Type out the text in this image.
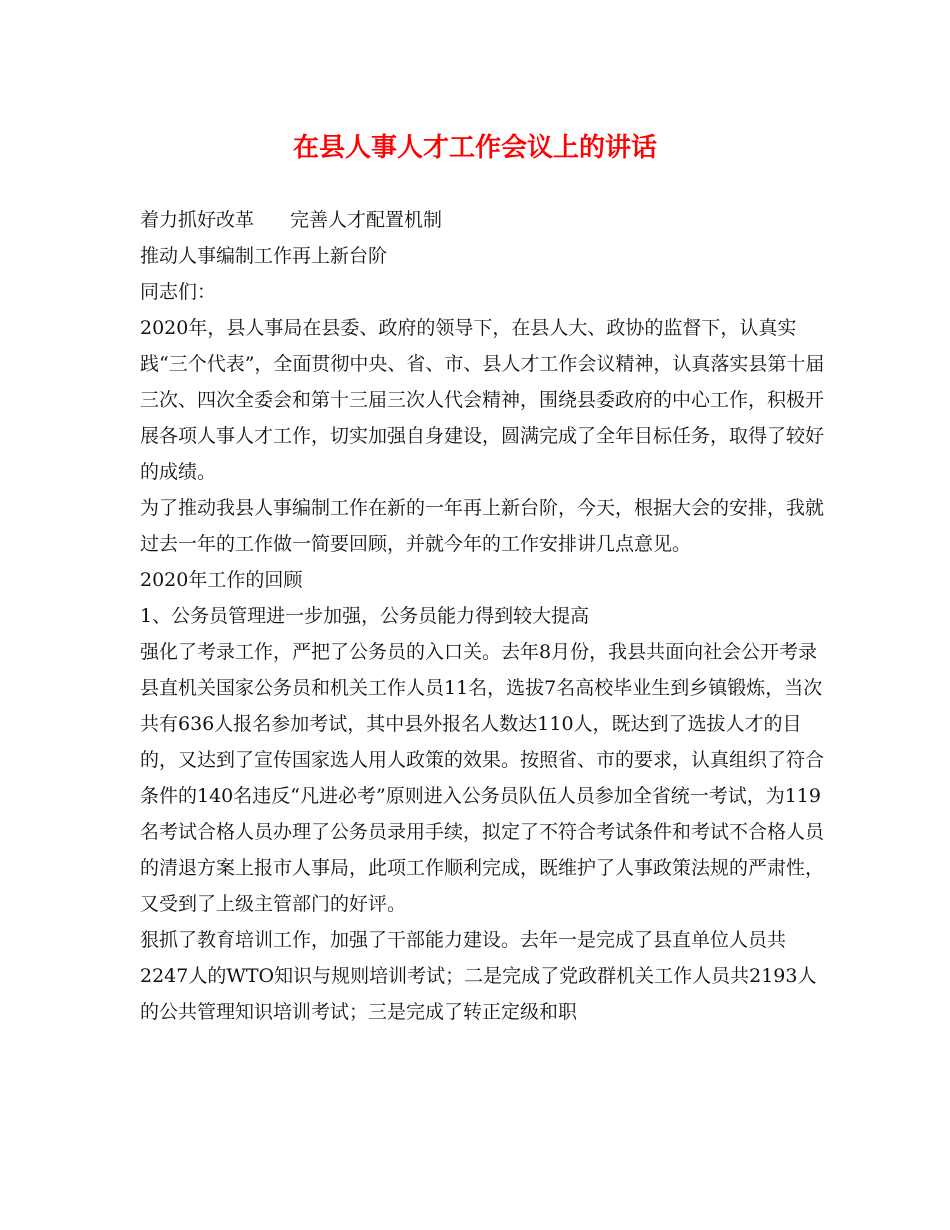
在县人事人才工作会议上的讲话

着力抓好改革 完善人才配置机制

推动人事编制工作再上新台阶

同志们：

2020年，县人事局在县委、政府的领导下，在县人大、政协的监督下，认真实践“三个代表”，全面贯彻中央、省、市、县人才工作会议精神，认真落实县第十届三次、四次全委会和第十三届三次人代会精神，围绕县委政府的中心工作，积极开展各项人事人才工作，切实加强自身建设，圆满完成了全年目标任务，取得了较好的成绩。

为了推动我县人事编制工作在新的一年再上新台阶，今天，根据大会的安排，我就过去一年的工作做一简要回顾，并就今年的工作安排讲几点意见。

2020年工作的回顾

1、公务员管理进一步加强，公务员能力得到较大提高

强化了考录工作，严把了公务员的入口关。去年8月份，我县共面向社会公开考录县直机关国家公务员和机关工作人员11名，选拔7名高校毕业生到乡镇锻炼，当次共有636人报名参加考试，其中县外报名人数达110人，既达到了选拔人才的目的，又达到了宣传国家选人用人政策的效果。按照省、市的要求，认真组织了符合条件的140名违反“凡进必考”原则进入公务员队伍人员参加全省统一考试，为119名考试合格人员办理了公务员录用手续，拟定了不符合考试条件和考试不合格人员的清退方案上报市人事局，此项工作顺利完成，既维护了人事政策法规的严肃性，又受到了上级主管部门的好评。

狠抓了教育培训工作，加强了干部能力建设。去年一是完成了县直单位人员共2247人的WTO知识与规则培训考试；二是完成了党政群机关工作人员共2193人的公共管理知识培训考试；三是完成了转正定级和职
